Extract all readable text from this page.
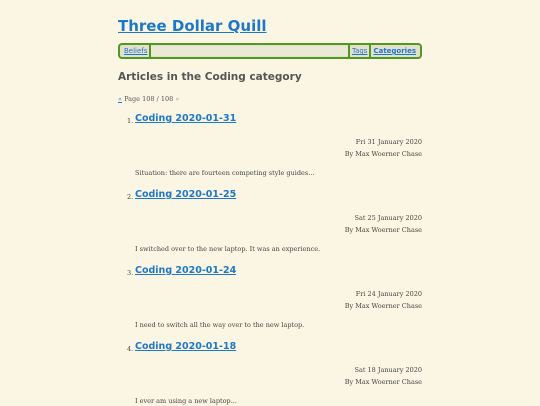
Three Dollar Quill
Beliefs	Tags Categories
Articles in the Coding category
« Page 108 / 108 »
1. Coding 2020-01-31
Fri 31 January 2020
By Max Woerner Chase
Situation: there are fourteen competing style guides...
2. Coding 2020-01-25
Sat 25 January 2020
By Max Woerner Chase
I switched over to the new laptop. It was an experience.
3. Coding 2020-01-24
Fri 24 January 2020
By Max Woerner Chase
I need to switch all the way over to the new laptop.
4. Coding 2020-01-18
Sat 18 January 2020
By Max Woerner Chase
I ever am using a new laptop...
